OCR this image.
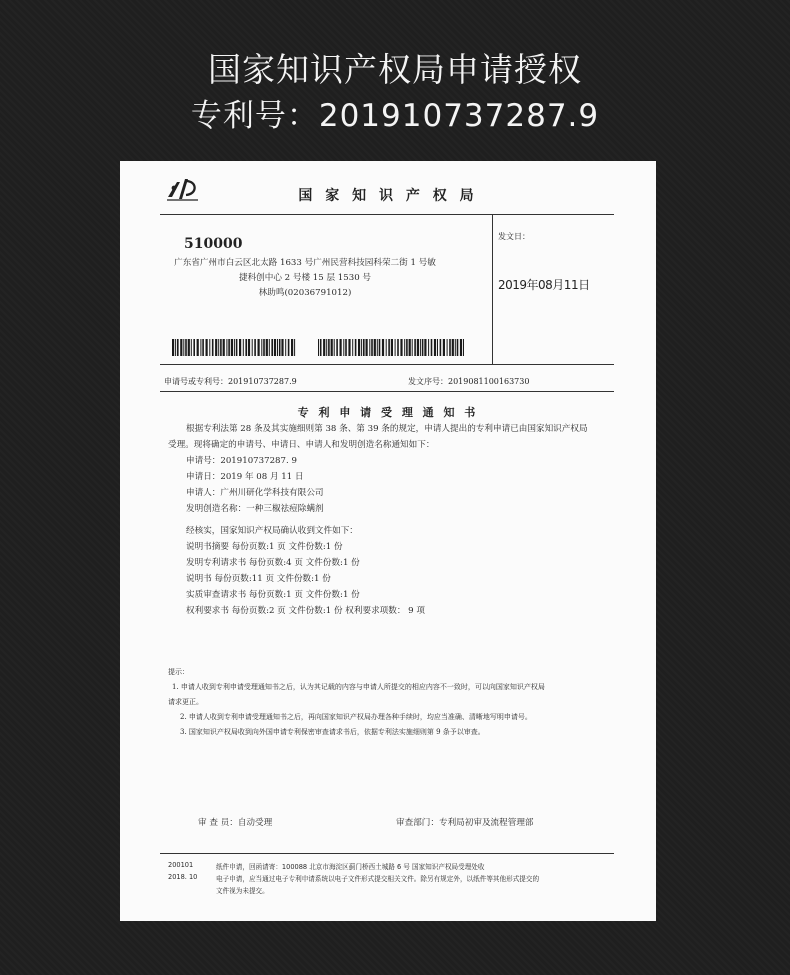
国家知识产权局申请授权
专利号：201910737287.9
国 家 知 识 产 权 局
510000
广东省广州市白云区北太路 1633 号广州民营科技园科荣二街 1 号敏
捷科创中心 2 号楼 15 层 1530 号
林助鸣(02036791012)
发文日：
2019年08月11日
申请号或专利号：201910737287.9	发文序号：2019081100163730
专 利 申 请 受 理 通 知 书
根据专利法第 28 条及其实施细则第 38 条、第 39 条的规定，申请人提出的专利申请已由国家知识产权局
受理。现将确定的申请号、申请日、申请人和发明创造名称通知如下：
申请号：201910737287. 9
申请日：2019 年 08 月 11 日
申请人：广州川研化学科技有限公司
发明创造名称：一种三椒祛痘除螨剂
经核实，国家知识产权局确认收到文件如下：
说明书摘要 每份页数:1 页 文件份数:1 份
发明专利请求书 每份页数:4 页 文件份数:1 份
说明书 每份页数:11 页 文件份数:1 份
实质审查请求书 每份页数:1 页 文件份数:1 份
权利要求书 每份页数:2 页 文件份数:1 份 权利要求项数： 9 项
提示：
1. 申请人收到专利申请受理通知书之后，认为其记载的内容与申请人所提交的相应内容不一致时，可以向国家知识产权局
请求更正。
2. 申请人收到专利申请受理通知书之后，再向国家知识产权局办理各种手续时，均应当准确、清晰地写明申请号。
3. 国家知识产权局收到向外国申请专利保密审查请求书后，依据专利法实施细则第 9 条予以审查。
审 查 员：自动受理	审查部门：专利局初审及流程管理部
200101
2018. 10
纸件申请，回函请寄：100088 北京市海淀区蓟门桥西土城路 6 号 国家知识产权局受理处收
电子申请，应当通过电子专利申请系统以电子文件形式提交相关文件。除另有规定外，以纸件等其他形式提交的
文件视为未提交。
